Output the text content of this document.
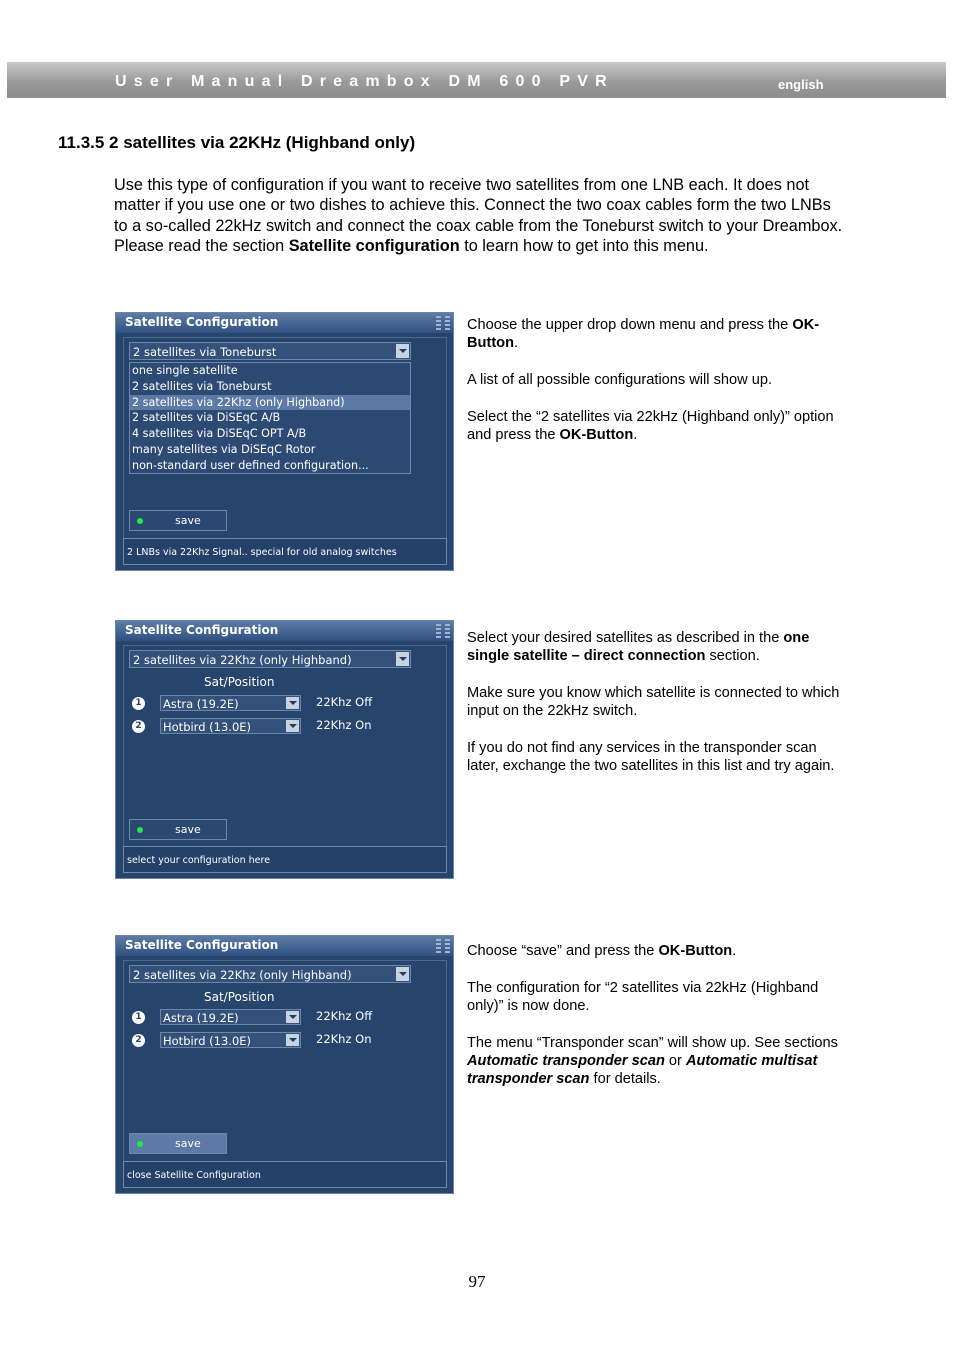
User Manual Dreambox DM 600 PVR	english
11.3.5 2 satellites via 22KHz (Highband only)
Use this type of configuration if you want to receive two satellites from one LNB each. It does not matter if you use one or two dishes to achieve this. Connect the two coax cables form the two LNBs to a so-called 22kHz switch and connect the coax cable from the Toneburst switch to your Dreambox. Please read the section Satellite configuration to learn how to get into this menu.
Satellite Configuration
2 satellites via Toneburst
one single satellite
2 satellites via Toneburst
2 satellites via 22Khz (only Highband)
2 satellites via DiSEqC A/B
4 satellites via DiSEqC OPT A/B
many satellites via DiSEqC Rotor
non-standard user defined configuration...
save
2 LNBs via 22Khz Signal.. special for old analog switches

Choose the upper drop down menu and press the OK-Button.

A list of all possible configurations will show up.

Select the “2 satellites via 22kHz (Highband only)” option and press the OK-Button.

Satellite Configuration
2 satellites via 22Khz (only Highband)
Sat/Position
1 Astra (19.2E)	22Khz Off
2 Hotbird (13.0E)	22Khz On
save
select your configuration here

Select your desired satellites as described in the one single satellite – direct connection section.

Make sure you know which satellite is connected to which input on the 22kHz switch.

If you do not find any services in the transponder scan later, exchange the two satellites in this list and try again.

Satellite Configuration
2 satellites via 22Khz (only Highband)
Sat/Position
1 Astra (19.2E)	22Khz Off
2 Hotbird (13.0E)	22Khz On
save
close Satellite Configuration

Choose “save” and press the OK-Button.

The configuration for “2 satellites via 22kHz (Highband only)” is now done.

The menu “Transponder scan” will show up. See sections Automatic transponder scan or Automatic multisat transponder scan for details.

97
